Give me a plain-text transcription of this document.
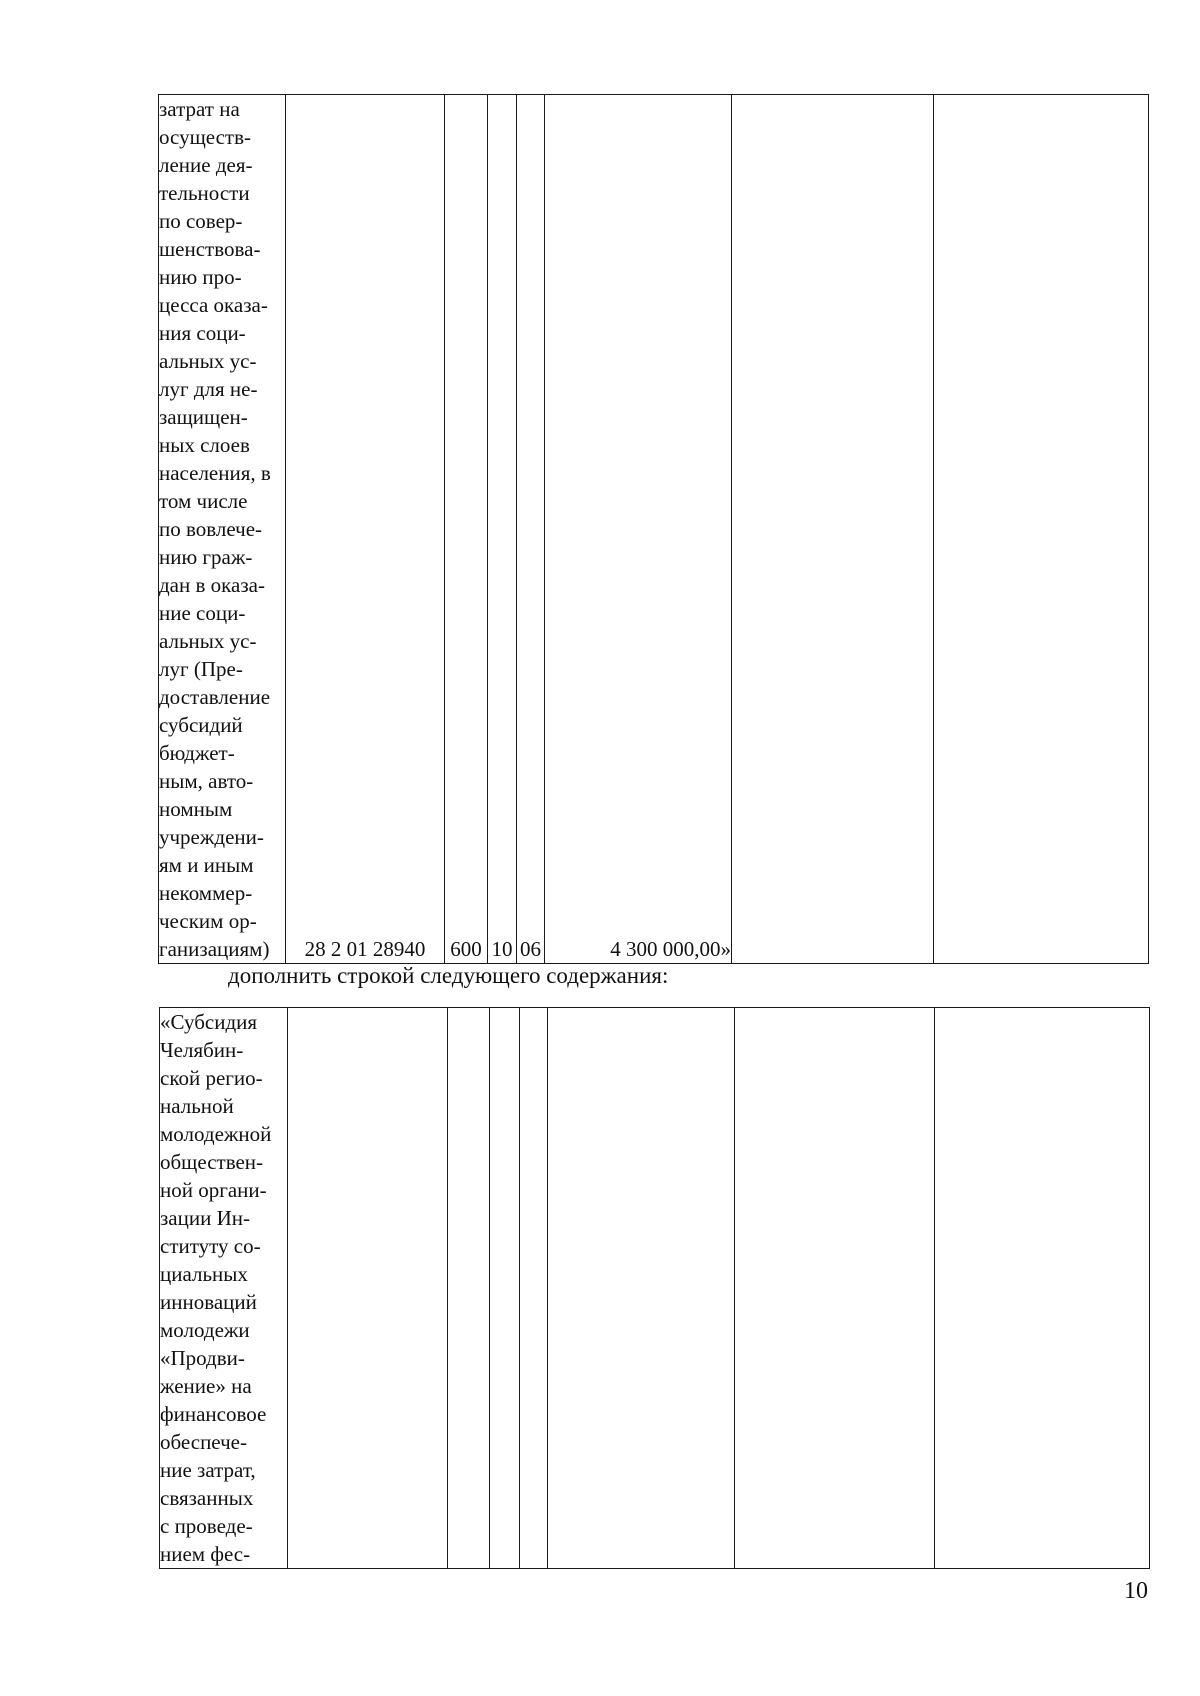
затрат на
осуществ-
ление дея-
тельности
по совер-
шенствова-
нию про-
цесса оказа-
ния соци-
альных ус-
луг для не-
защищен-
ных слоев
населения, в
том числе
по вовлече-
нию граж-
дан в оказа-
ние соци-
альных ус-
луг (Пре-
доставление
субсидий
бюджет-
ным, авто-
номным
учреждени-
ям и иным
некоммер-
ческим ор-
ганизациям)	28 2 01 28940	600	10	06	4 300 000,00»		
дополнить строкой следующего содержания:
«Субсидия
Челябин-
ской регио-
нальной
молодежной
обществен-
ной органи-
зации Ин-
ституту со-
циальных
инноваций
молодежи
«Продви-
жение» на
финансовое
обеспече-
ние затрат,
связанных
с проведе-
нием фес-

10
